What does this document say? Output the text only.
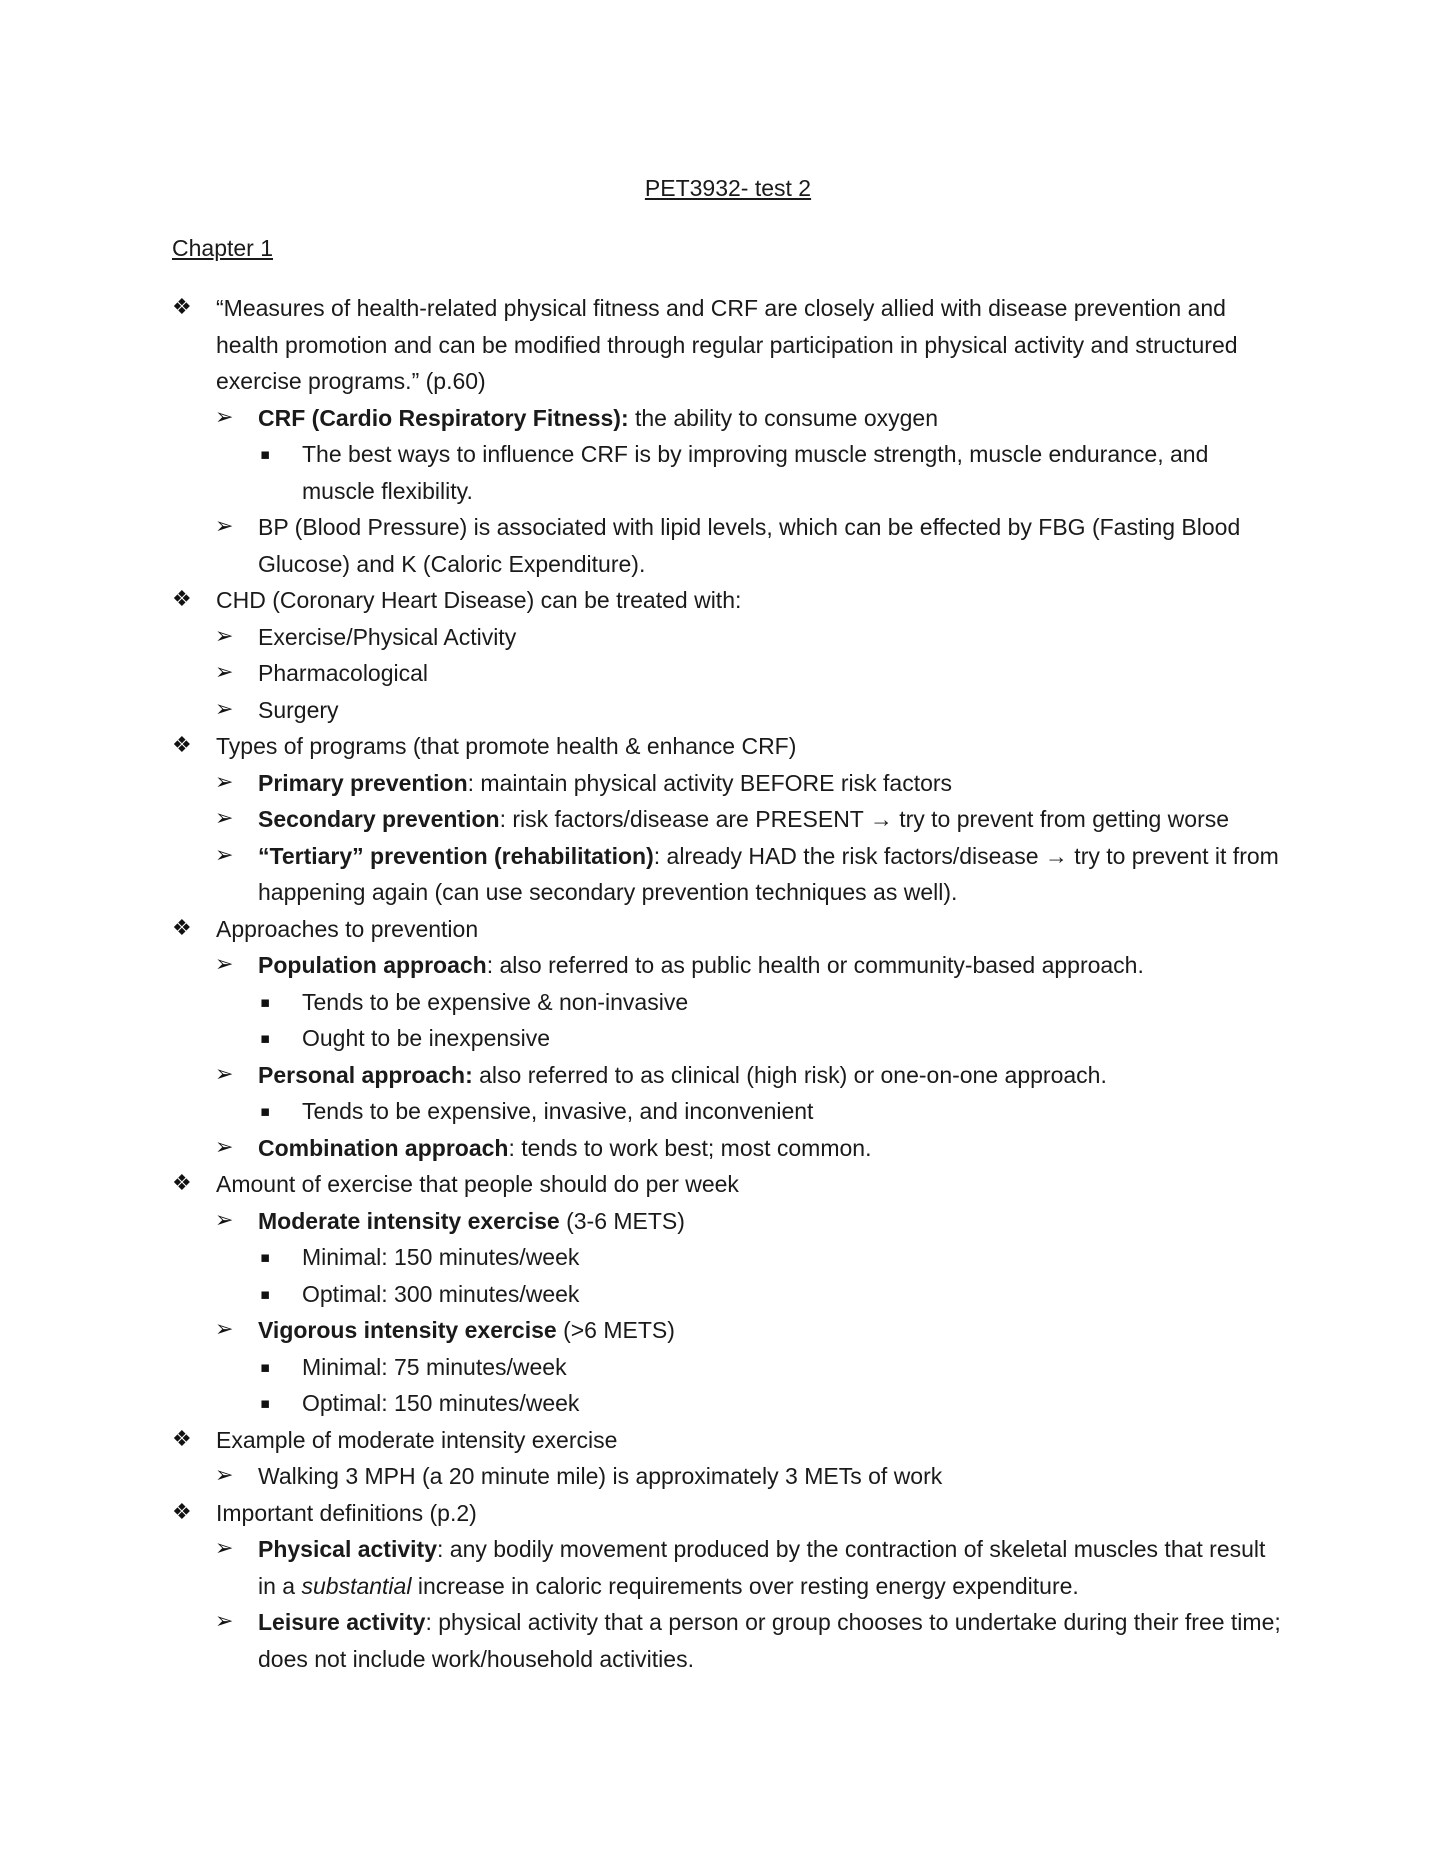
PET3932- test 2
Chapter 1
❖ “Measures of health-related physical fitness and CRF are closely allied with disease prevention and health promotion and can be modified through regular participation in physical activity and structured exercise programs.” (p.60)
➢ CRF (Cardio Respiratory Fitness): the ability to consume oxygen
▪ The best ways to influence CRF is by improving muscle strength, muscle endurance, and muscle flexibility.
➢ BP (Blood Pressure) is associated with lipid levels, which can be effected by FBG (Fasting Blood Glucose) and K (Caloric Expenditure).
❖ CHD (Coronary Heart Disease) can be treated with:
➢ Exercise/Physical Activity
➢ Pharmacological
➢ Surgery
❖ Types of programs (that promote health & enhance CRF)
➢ Primary prevention: maintain physical activity BEFORE risk factors
➢ Secondary prevention: risk factors/disease are PRESENT → try to prevent from getting worse
➢ “Tertiary” prevention (rehabilitation): already HAD the risk factors/disease → try to prevent it from happening again (can use secondary prevention techniques as well).
❖ Approaches to prevention
➢ Population approach: also referred to as public health or community-based approach.
▪ Tends to be expensive & non-invasive
▪ Ought to be inexpensive
➢ Personal approach: also referred to as clinical (high risk) or one-on-one approach.
▪ Tends to be expensive, invasive, and inconvenient
➢ Combination approach: tends to work best; most common.
❖ Amount of exercise that people should do per week
➢ Moderate intensity exercise (3-6 METS)
▪ Minimal: 150 minutes/week
▪ Optimal: 300 minutes/week
➢ Vigorous intensity exercise (>6 METS)
▪ Minimal: 75 minutes/week
▪ Optimal: 150 minutes/week
❖ Example of moderate intensity exercise
➢ Walking 3 MPH (a 20 minute mile) is approximately 3 METs of work
❖ Important definitions (p.2)
➢ Physical activity: any bodily movement produced by the contraction of skeletal muscles that result in a substantial increase in caloric requirements over resting energy expenditure.
➢ Leisure activity: physical activity that a person or group chooses to undertake during their free time; does not include work/household activities.
